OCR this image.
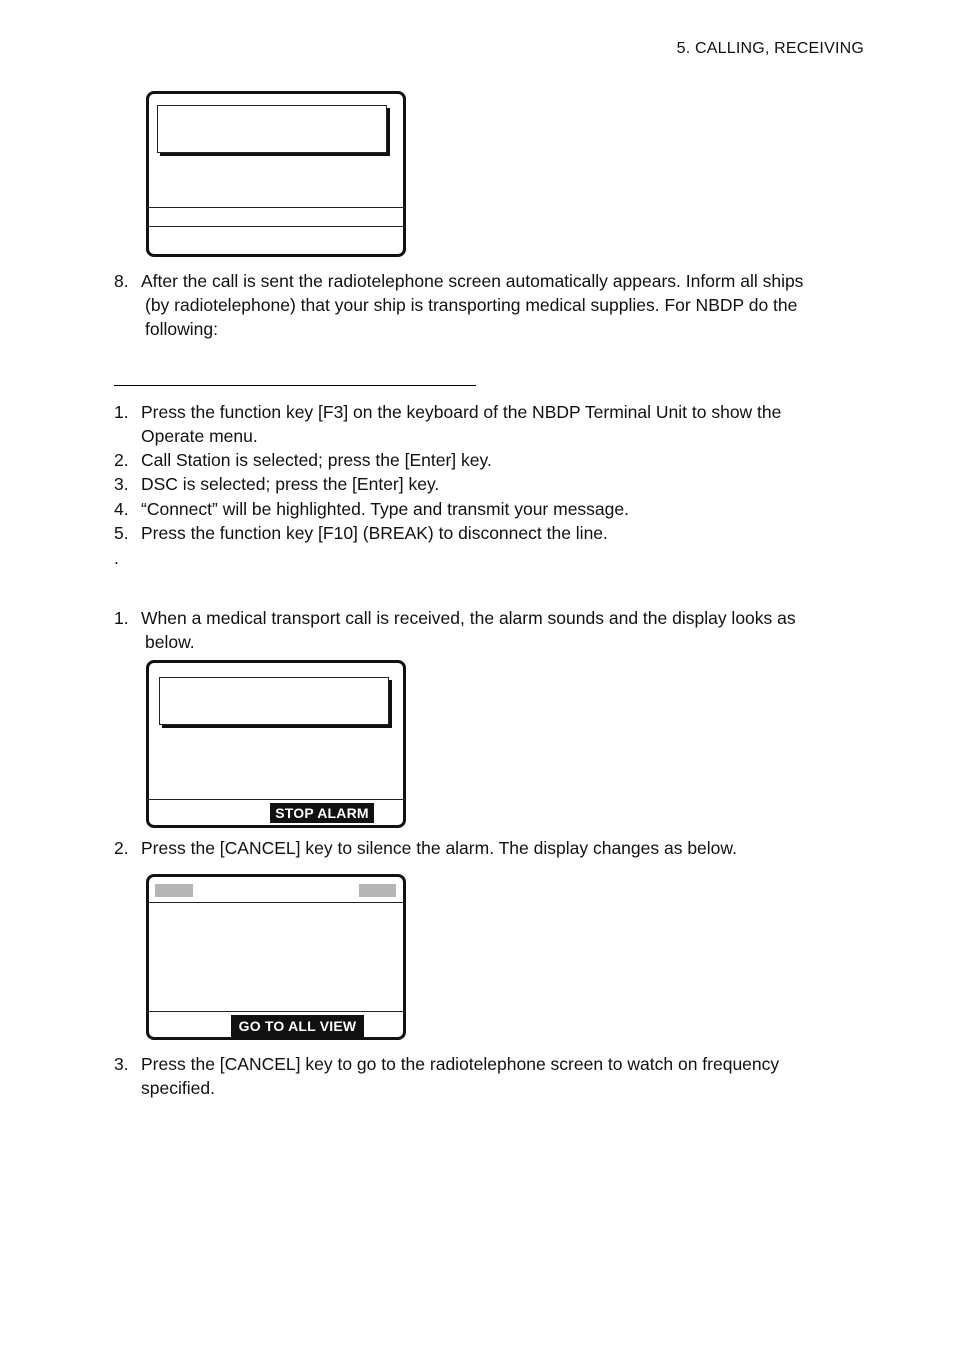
5. CALLING, RECEIVING
8. After the call is sent the radiotelephone screen automatically appears. Inform all ships
(by radiotelephone) that your ship is transporting medical supplies. For NBDP do the
following:
1. Press the function key [F3] on the keyboard of the NBDP Terminal Unit to show the
Operate menu.
2. Call Station is selected; press the [Enter] key.
3. DSC is selected; press the [Enter] key.
4. “Connect” will be highlighted. Type and transmit your message.
5. Press the function key [F10] (BREAK) to disconnect the line.
.
1. When a medical transport call is received, the alarm sounds and the display looks as
below.
STOP ALARM
2. Press the [CANCEL] key to silence the alarm. The display changes as below.
GO TO ALL VIEW
3. Press the [CANCEL] key to go to the radiotelephone screen to watch on frequency
specified.
